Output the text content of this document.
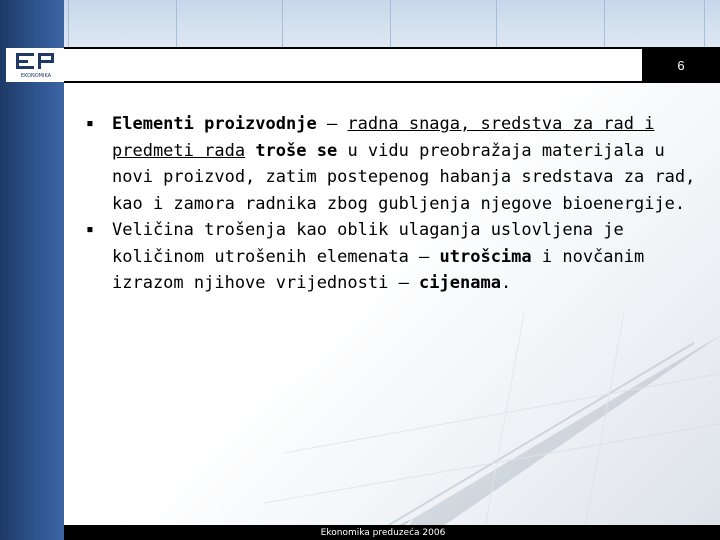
EKONOMIKA
6
▪ Elementi proizvodnje – radna snaga, sredstva za rad i predmeti rada troše se u vidu preobražaja materijala u novi proizvod, zatim postepenog habanja sredstava za rad, kao i zamora radnika zbog gubljenja njegove bioenergije.
▪ Veličina trošenja kao oblik ulaganja uslovljena je količinom utrošenih elemenata – utrošcima i novčanim izrazom njihove vrijednosti – cijenama.
Ekonomika preduzeća 2006
